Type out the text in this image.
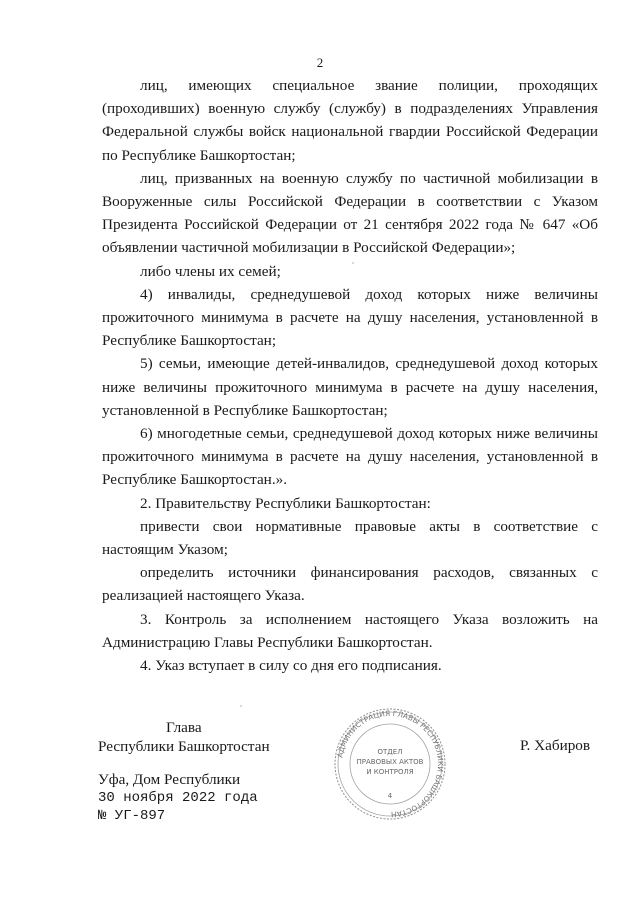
2

лиц, имеющих специальное звание полиции, проходящих (проходивших) военную службу (службу) в подразделениях Управления Федеральной службы войск национальной гвардии Российской Федерации по Республике Башкортостан;

лиц, призванных на военную службу по частичной мобилизации в Вооруженные силы Российской Федерации в соответствии с Указом Президента Российской Федерации от 21 сентября 2022 года № 647 «Об объявлении частичной мобилизации в Российской Федерации»;

либо члены их семей;

4) инвалиды, среднедушевой доход которых ниже величины прожиточного минимума в расчете на душу населения, установленной в Республике Башкортостан;

5) семьи, имеющие детей-инвалидов, среднедушевой доход которых ниже величины прожиточного минимума в расчете на душу населения, установленной в Республике Башкортостан;

6) многодетные семьи, среднедушевой доход которых ниже величины прожиточного минимума в расчете на душу населения, установленной в Республике Башкортостан.».

2. Правительству Республики Башкортостан:

привести свои нормативные правовые акты в соответствие с настоящим Указом;

определить источники финансирования расходов, связанных с реализацией настоящего Указа.

3. Контроль за исполнением настоящего Указа возложить на Администрацию Главы Республики Башкортостан.

4. Указ вступает в силу со дня его подписания.

Глава
Республики Башкортостан
АДМИНИСТРАЦИЯ ГЛАВЫ РЕСПУБЛИКИ БАШКОРТОСТАН
ОТДЕЛ
ПРАВОВЫХ АКТОВ
И КОНТРОЛЯ
4
Р. Хабиров
Уфа, Дом Республики
30 ноября 2022 года
№ УГ-897
